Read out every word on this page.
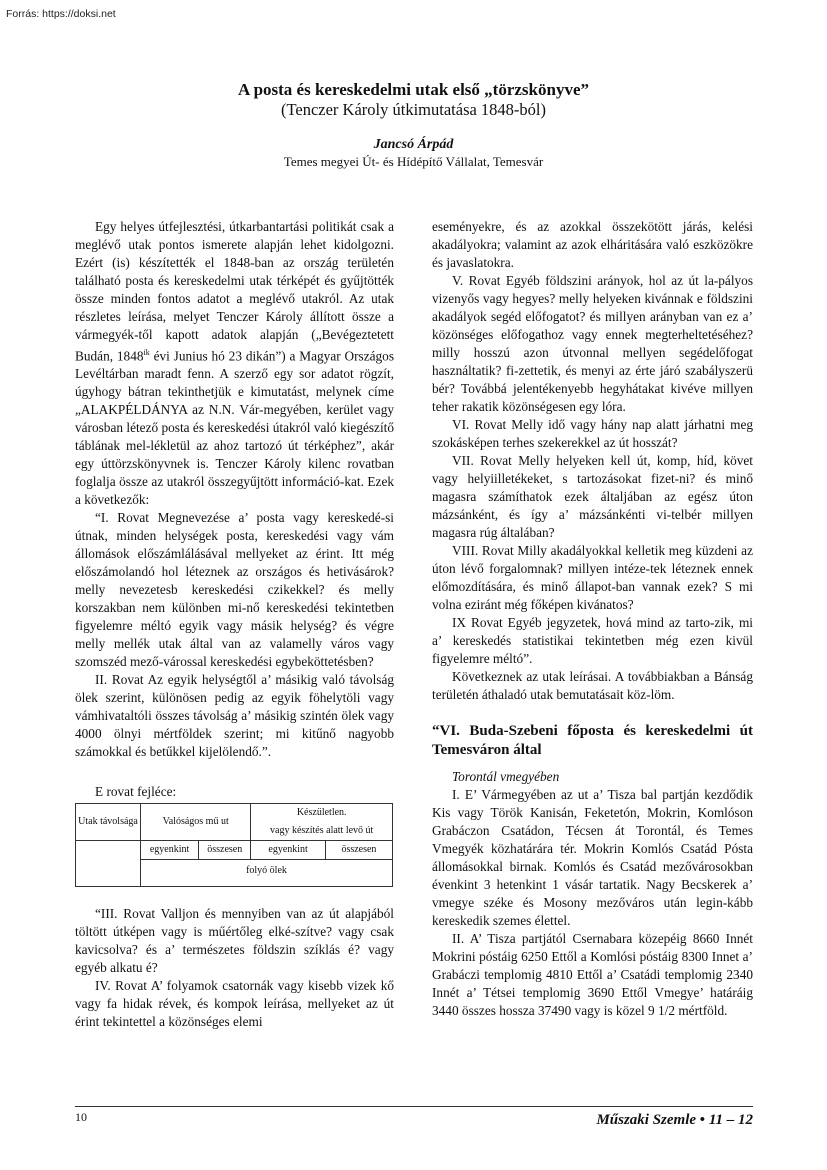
Forrás: https://doksi.net
A posta és kereskedelmi utak első „törzskönyve”
(Tenczer Károly útkimutatása 1848-ból)
Jancsó Árpád
Temes megyei Út- és Hídépítő Vállalat, Temesvár

Egy helyes útfejlesztési, útkarbantartási politikát csak a meglévő utak pontos ismerete alapján lehet kidolgozni. Ezért (is) készítették el 1848-ban az ország területén található posta és kereskedelmi utak térképét és gyűjtötték össze minden fontos adatot a meglévő utakról. Az utak részletes leírása, melyet Tenczer Károly állított össze a vármegyék-től kapott adatok alapján („Bevégeztetett Budán, $1848^{ik}$ évi Junius hó 23 dikán”) a Magyar Országos Levéltárban maradt fenn. A szerző egy sor adatot rögzít, úgyhogy bátran tekinthetjük e kimutatást, melynek címe „ALAKPÉLDÁNYA az N.N. Vár-megyében, kerület vagy városban létező posta és kereskedési útakról való kiegészítő táblának mel-lékletül az ahoz tartozó út térképhez”, akár egy úttörzskönyvnek is. Tenczer Károly kilenc rovatban foglalja össze az utakról összegyűjtött információ-kat. Ezek a következők:

“I. Rovat Megnevezése a’ posta vagy kereskedé-si útnak, minden helységek posta, kereskedési vagy vám állomások előszámlálásával mellyeket az érint. Itt még előszámolandó hol léteznek az országos és hetivásárok? melly nevezetesb kereskedési czikekkel? és melly korszakban nem különben mi-nő kereskedési tekintetben figyelemre méltó egyik vagy másik helység? és végre melly mellék utak által van az valamelly város vagy szomszéd mező-várossal kereskedési egybeköttetésben?

II. Rovat Az egyik helységtől a’ másikig való távolság ölek szerint, különösen pedig az egyik föhelytöli vagy vámhivataltóli összes távolság a’ másikig szintén ölek vagy 4000 ölnyi mértföldek szerint; mi kitűnő nagyobb számokkal és betűkkel kijelölendő.”.

E rovat fejléce:

Utak távolsága	Valóságos mű ut		Készületlen.	
			vagy készítés alatt levő út	
	egyenkint	összesen	egyenkint	összesen
	folyó ölek			

“III. Rovat Valljon és mennyiben van az út alapjából töltött útképen vagy is műértőleg elké-szítve? vagy csak kavicsolva? és a’ természetes földszin szíklás é? vagy egyéb alkatu é?

IV. Rovat A’ folyamok csatornák vagy kisebb vizek kő vagy fa hidak révek, és kompok leírása, mellyeket az út érint tekintettel a közönséges elemi

eseményekre, és az azokkal összekötött járás, kelési akadályokra; valamint az azok elháritására való eszközökre és javaslatokra.

V. Rovat Egyéb földszini arányok, hol az út la-pályos vizenyős vagy hegyes? melly helyeken kivánnak e földszini akadályok segéd előfogatot? és millyen arányban van ez a’ közönséges előfogathoz vagy ennek megterheltetéséhez? milly hosszú azon útvonnal mellyen segédelőfogat használtatik? fi-zettetik, és menyi az érte járó szabályszerü bér? Továbbá jelentékenyebb hegyhátakat kivéve millyen teher rakatik közönségesen egy lóra.

VI. Rovat Melly idő vagy hány nap alatt járhatni meg szokásképen terhes szekerekkel az út hosszát?

VII. Rovat Melly helyeken kell út, komp, híd, követ vagy helyiilletékeket, s tartozásokat fizet-ni? és minő magasra számíthatok ezek általjában az egész úton mázsánként, és így a’ mázsánkénti vi-telbér millyen magasra rúg általában?

VIII. Rovat Milly akadályokkal kelletik meg küzdeni az úton lévő forgalomnak? millyen intéze-tek léteznek ennek előmozdítására, és minő állapot-ban vannak ezek? S mi volna eziránt még főképen kivánatos?

IX Rovat Egyéb jegyzetek, hová mind az tarto-zik, mi a’ kereskedés statistikai tekintetben még ezen kivül figyelemre méltó”.

Következnek az utak leírásai. A továbbiakban a Bánság területén áthaladó utak bemutatásait köz-löm.

“VI. Buda-Szebeni főposta és kereskedelmi út Temesváron által

Torontál vmegyében

I. E’ Vármegyében az ut a’ Tisza bal partján kezdődik Kis vagy Török Kanisán, Feketetón, Mokrin, Komlóson Grabáczon Csatádon, Técsen át Torontál, és Temes Vmegyék közhatárára tér. Mokrin Komlós Csatád Pósta állomásokkal birnak. Komlós és Csatád mezővárosokban évenkint 3 hetenkint 1 vásár tartatik. Nagy Becskerek a’ vmegye széke és Mosony mezőváros után legin-kább kereskedik szemes élettel.

II. A’ Tisza partjától Csernabara közepéig 8660 Innét Mokrini póstáig 6250 Ettől a Komlósi póstáig 8300 Innet a’ Grabáczi templomig 4810 Ettől a’ Csatádi templomig 2340 Innét a’ Tétsei templomig 3690 Ettől Vmegye’ határáig 3440 összes hossza 37490 vagy is közel 9 1/2 mértföld.

10	Műszaki Szemle • 11 – 12
